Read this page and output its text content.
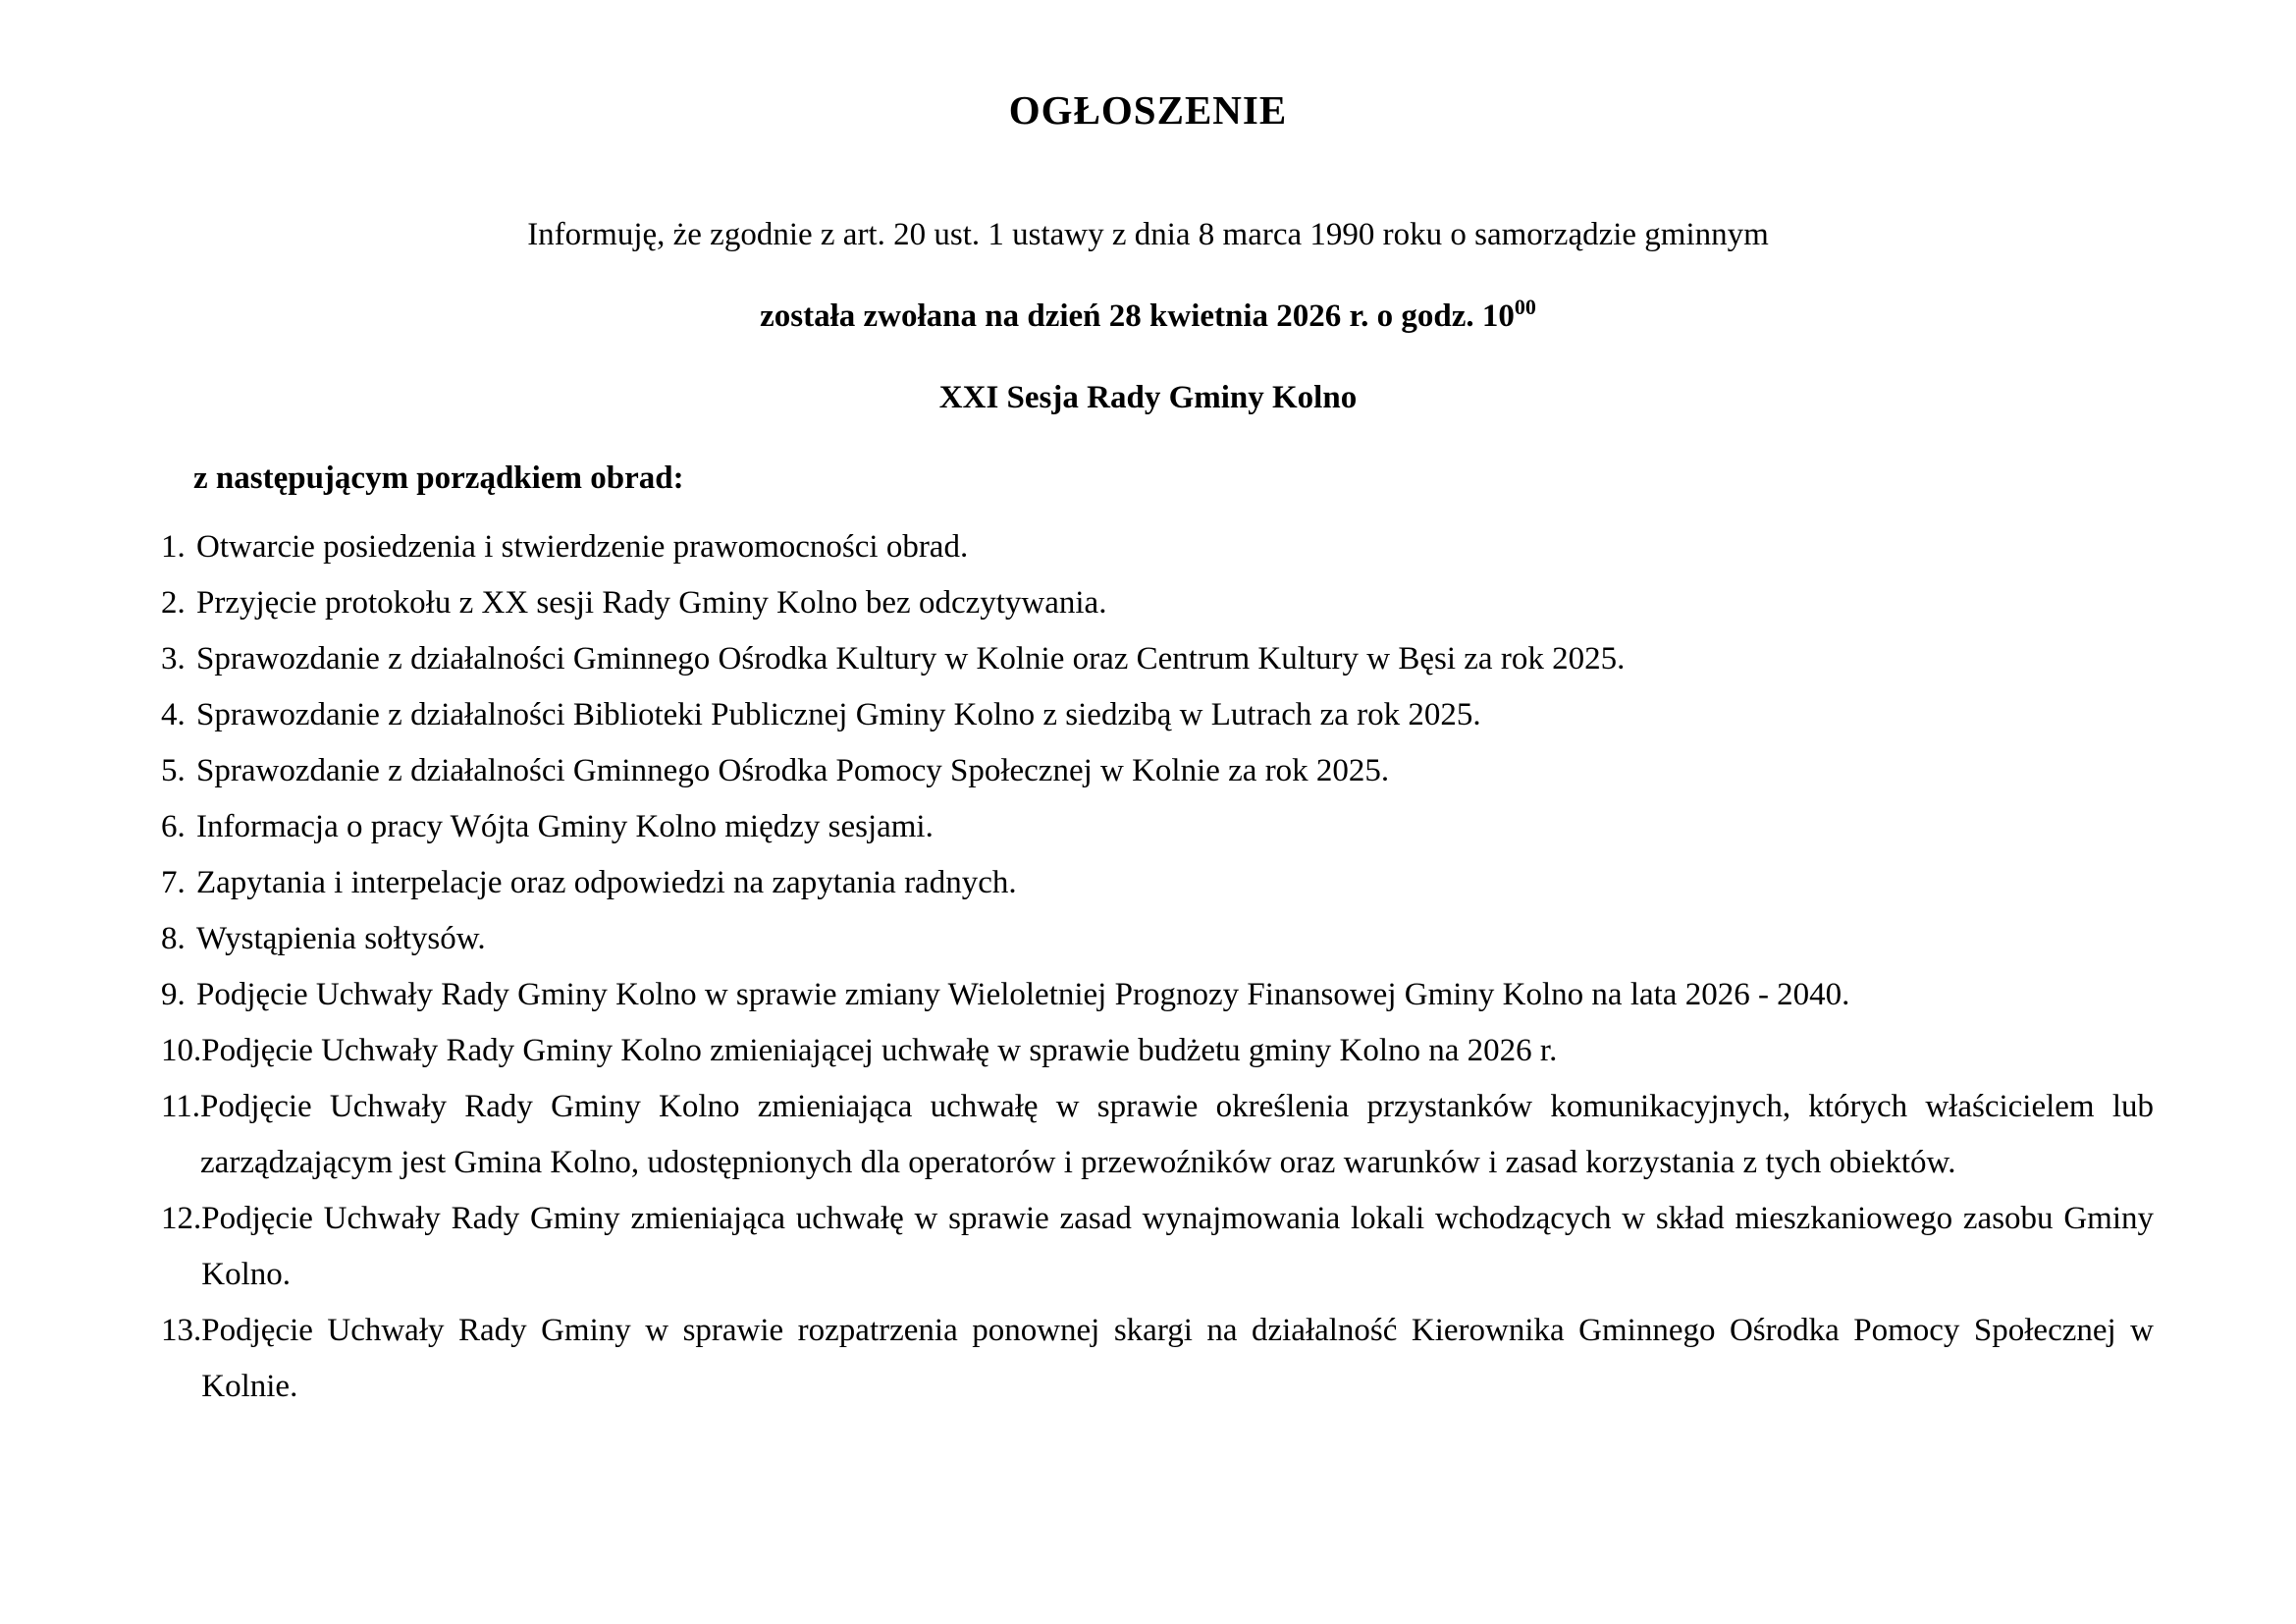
OGŁOSZENIE
Informuję, że zgodnie z art. 20 ust. 1 ustawy z dnia 8 marca 1990 roku o samorządzie gminnym
została zwołana na dzień 28 kwietnia 2026 r. o godz. $10^{00}$
XXI Sesja Rady Gminy Kolno
z następującym porządkiem obrad:
1. Otwarcie posiedzenia i stwierdzenie prawomocności obrad.
2. Przyjęcie protokołu z XX sesji Rady Gminy Kolno bez odczytywania.
3. Sprawozdanie z działalności Gminnego Ośrodka Kultury w Kolnie oraz Centrum Kultury w Bęsi za rok 2025.
4. Sprawozdanie z działalności Biblioteki Publicznej Gminy Kolno z siedzibą w Lutrach za rok 2025.
5. Sprawozdanie z działalności Gminnego Ośrodka Pomocy Społecznej w Kolnie za rok 2025.
6. Informacja o pracy Wójta Gminy Kolno między sesjami.
7. Zapytania i interpelacje oraz odpowiedzi na zapytania radnych.
8. Wystąpienia sołtysów.
9. Podjęcie Uchwały Rady Gminy Kolno w sprawie zmiany Wieloletniej Prognozy Finansowej Gminy Kolno na lata 2026 - 2040.
10. Podjęcie Uchwały Rady Gminy Kolno zmieniającej uchwałę w sprawie budżetu gminy Kolno na 2026 r.
11. Podjęcie Uchwały Rady Gminy Kolno zmieniająca uchwałę w sprawie określenia przystanków komunikacyjnych, których właścicielem lub zarządzającym jest Gmina Kolno, udostępnionych dla operatorów i przewoźników oraz warunków i zasad korzystania z tych obiektów.
12. Podjęcie Uchwały Rady Gminy zmieniająca uchwałę w sprawie zasad wynajmowania lokali wchodzących w skład mieszkaniowego zasobu Gminy Kolno.
13. Podjęcie Uchwały Rady Gminy w sprawie rozpatrzenia ponownej skargi na działalność Kierownika Gminnego Ośrodka Pomocy Społecznej w Kolnie.
